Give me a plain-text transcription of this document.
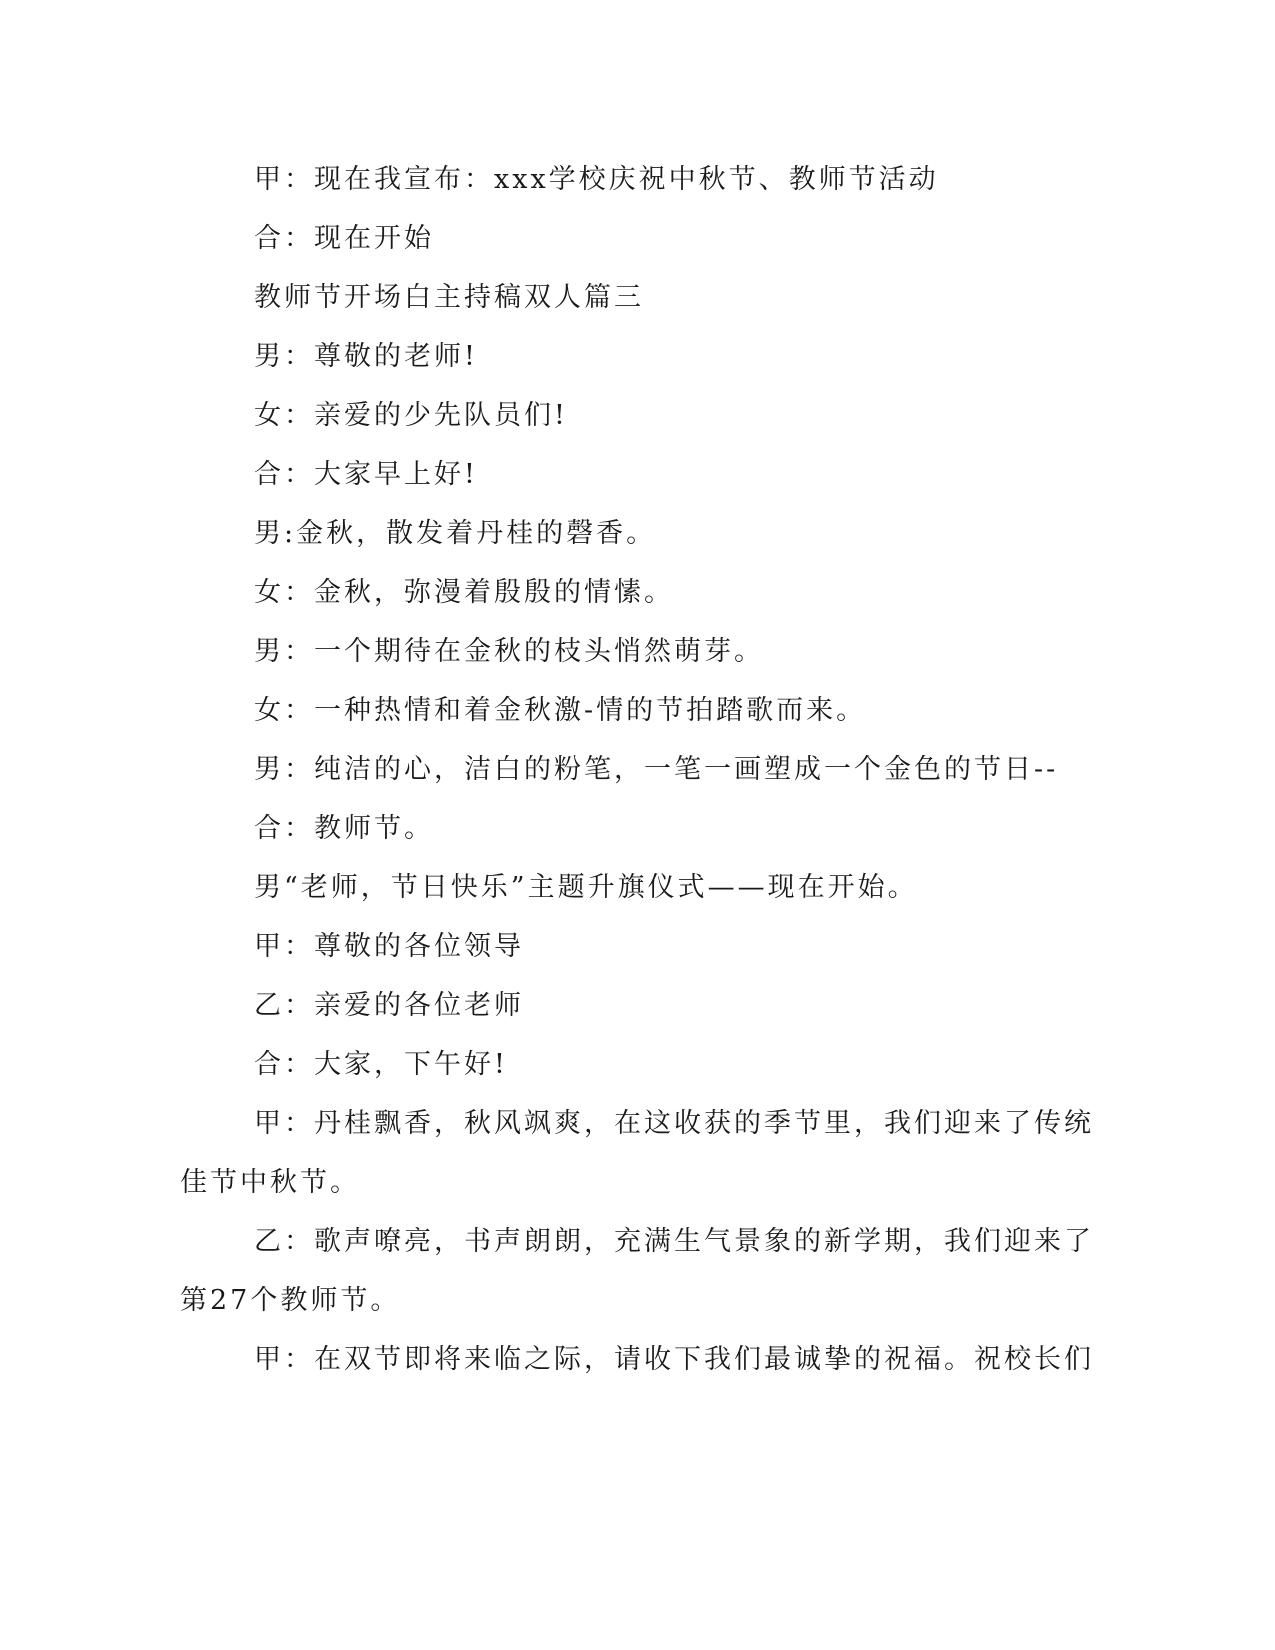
甲：现在我宣布：xxx学校庆祝中秋节、教师节活动
合：现在开始
教师节开场白主持稿双人篇三
男：尊敬的老师!
女：亲爱的少先队员们!
合：大家早上好!
男:金秋，散发着丹桂的磬香。
女：金秋，弥漫着殷殷的情愫。
男：一个期待在金秋的枝头悄然萌芽。
女：一种热情和着金秋激-情的节拍踏歌而来。
男：纯洁的心，洁白的粉笔，一笔一画塑成一个金色的节日--
合：教师节。
男“老师，节日快乐”主题升旗仪式——现在开始。
甲：尊敬的各位领导
乙：亲爱的各位老师
合：大家，下午好!
甲：丹桂飘香，秋风飒爽，在这收获的季节里，我们迎来了传统
佳节中秋节。
乙：歌声嘹亮，书声朗朗，充满生气景象的新学期，我们迎来了
第27个教师节。
甲：在双节即将来临之际，请收下我们最诚挚的祝福。祝校长们
